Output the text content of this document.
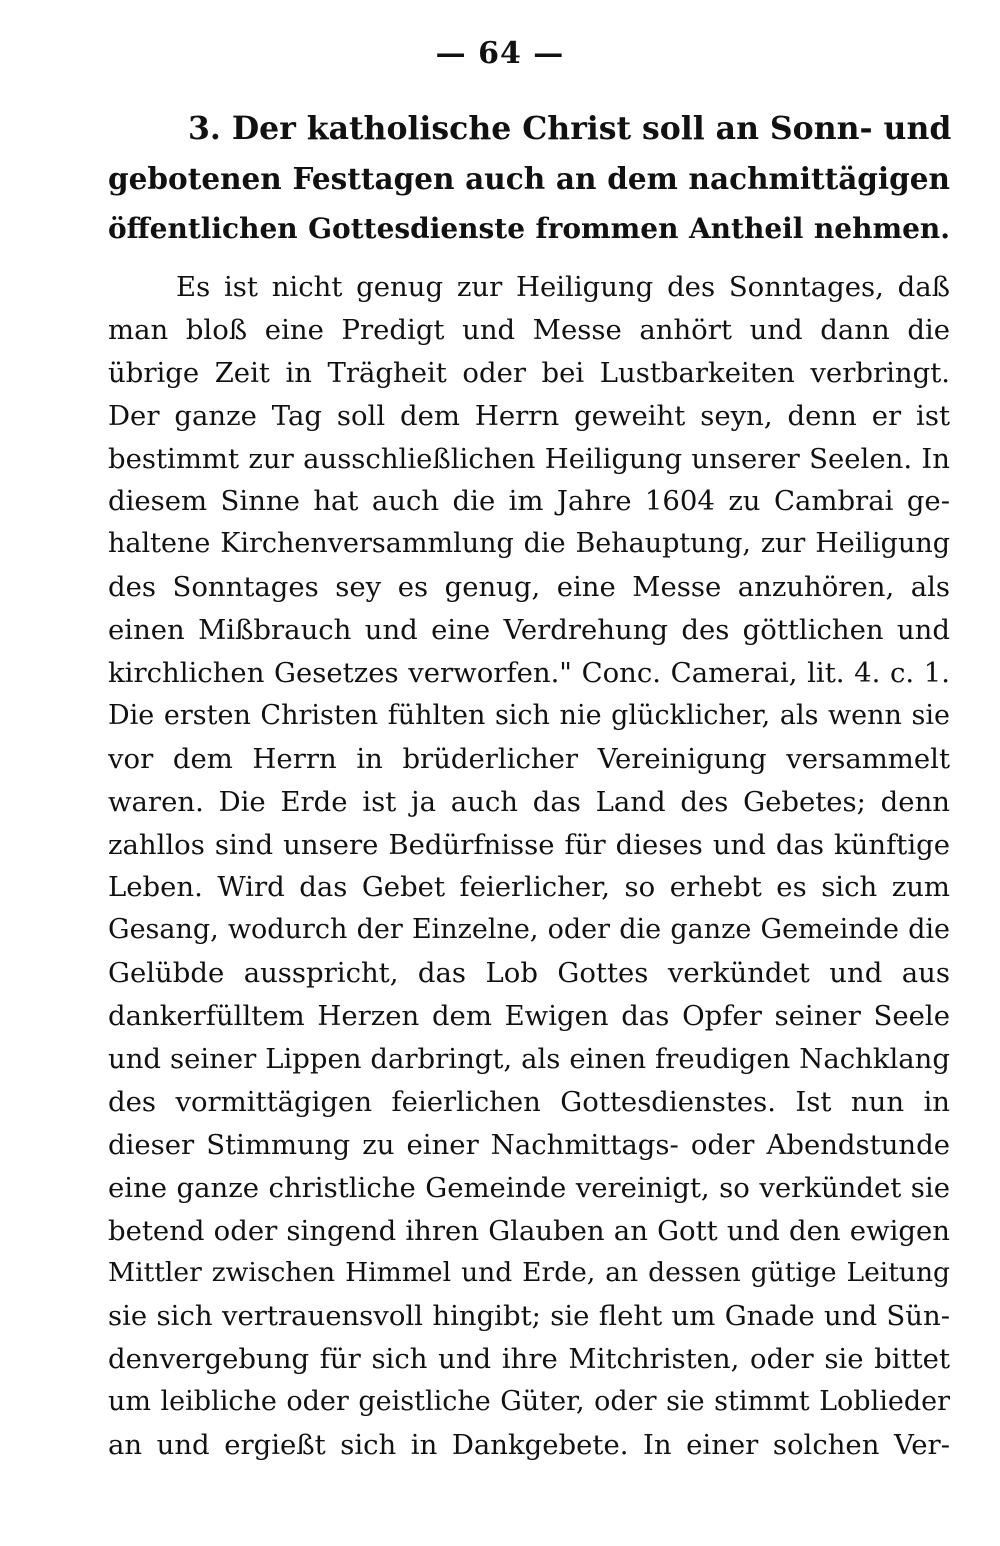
— 64 —
3. Der katholische Christ soll an Sonn- und
gebotenen Festtagen auch an dem nachmittägigen
öffentlichen Gottesdienste frommen Antheil nehmen.
Es ist nicht genug zur Heiligung des Sonntages, daß
man bloß eine Predigt und Messe anhört und dann die
übrige Zeit in Trägheit oder bei Lustbarkeiten verbringt.
Der ganze Tag soll dem Herrn geweiht seyn, denn er ist
bestimmt zur ausschließlichen Heiligung unserer Seelen. In
diesem Sinne hat auch die im Jahre 1604 zu Cambrai ge-
haltene Kirchenversammlung die Behauptung, zur Heiligung
des Sonntages sey es genug, eine Messe anzuhören, als
einen Mißbrauch und eine Verdrehung des göttlichen und
kirchlichen Gesetzes verworfen." Conc. Camerai, lit. 4. c. 1.
Die ersten Christen fühlten sich nie glücklicher, als wenn sie
vor dem Herrn in brüderlicher Vereinigung versammelt
waren. Die Erde ist ja auch das Land des Gebetes; denn
zahllos sind unsere Bedürfnisse für dieses und das künftige
Leben. Wird das Gebet feierlicher, so erhebt es sich zum
Gesang, wodurch der Einzelne, oder die ganze Gemeinde die
Gelübde ausspricht, das Lob Gottes verkündet und aus
dankerfülltem Herzen dem Ewigen das Opfer seiner Seele
und seiner Lippen darbringt, als einen freudigen Nachklang
des vormittägigen feierlichen Gottesdienstes. Ist nun in
dieser Stimmung zu einer Nachmittags- oder Abendstunde
eine ganze christliche Gemeinde vereinigt, so verkündet sie
betend oder singend ihren Glauben an Gott und den ewigen
Mittler zwischen Himmel und Erde, an dessen gütige Leitung
sie sich vertrauensvoll hingibt; sie fleht um Gnade und Sün-
denvergebung für sich und ihre Mitchristen, oder sie bittet
um leibliche oder geistliche Güter, oder sie stimmt Loblieder
an und ergießt sich in Dankgebete. In einer solchen Ver-
